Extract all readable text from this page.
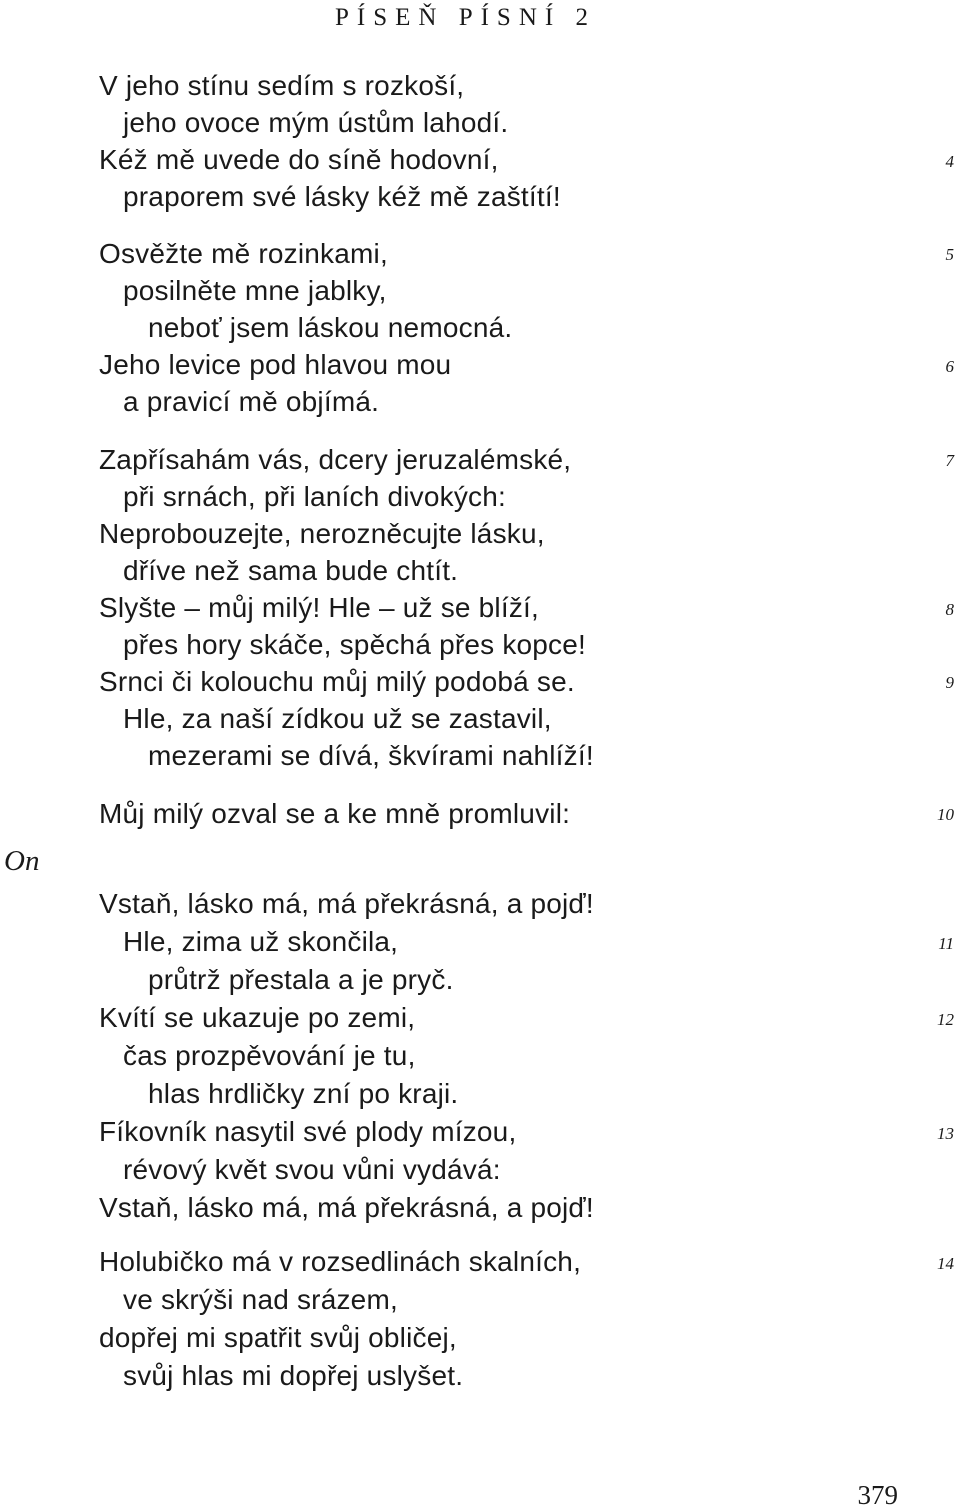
PÍSEŇ PÍSNÍ 2
On
V jeho stínu sedím s rozkoší,
jeho ovoce mým ústům lahodí.
Kéž mě uvede do síně hodovní,
praporem své lásky kéž mě zaštítí!
Osvěžte mě rozinkami,
posilněte mne jablky,
neboť jsem láskou nemocná.
Jeho levice pod hlavou mou
a pravicí mě objímá.
Zapřísahám vás, dcery jeruzalémské,
při srnách, při laních divokých:
Neprobouzejte, nerozněcujte lásku,
dříve než sama bude chtít.
Slyšte – můj milý! Hle – už se blíží,
přes hory skáče, spěchá přes kopce!
Srnci či kolouchu můj milý podobá se.
Hle, za naší zídkou už se zastavil,
mezerami se dívá, škvírami nahlíží!
Můj milý ozval se a ke mně promluvil:
Vstaň, lásko má, má překrásná, a pojď!
Hle, zima už skončila,
průtrž přestala a je pryč.
Kvítí se ukazuje po zemi,
čas prozpěvování je tu,
hlas hrdličky zní po kraji.
Fíkovník nasytil své plody mízou,
révový květ svou vůni vydává:
Vstaň, lásko má, má překrásná, a pojď!
Holubičko má v rozsedlinách skalních,
ve skrýši nad srázem,
dopřej mi spatřit svůj obličej,
svůj hlas mi dopřej uslyšet.
4
5
6
7
8
9
10
11
12
13
14
379
